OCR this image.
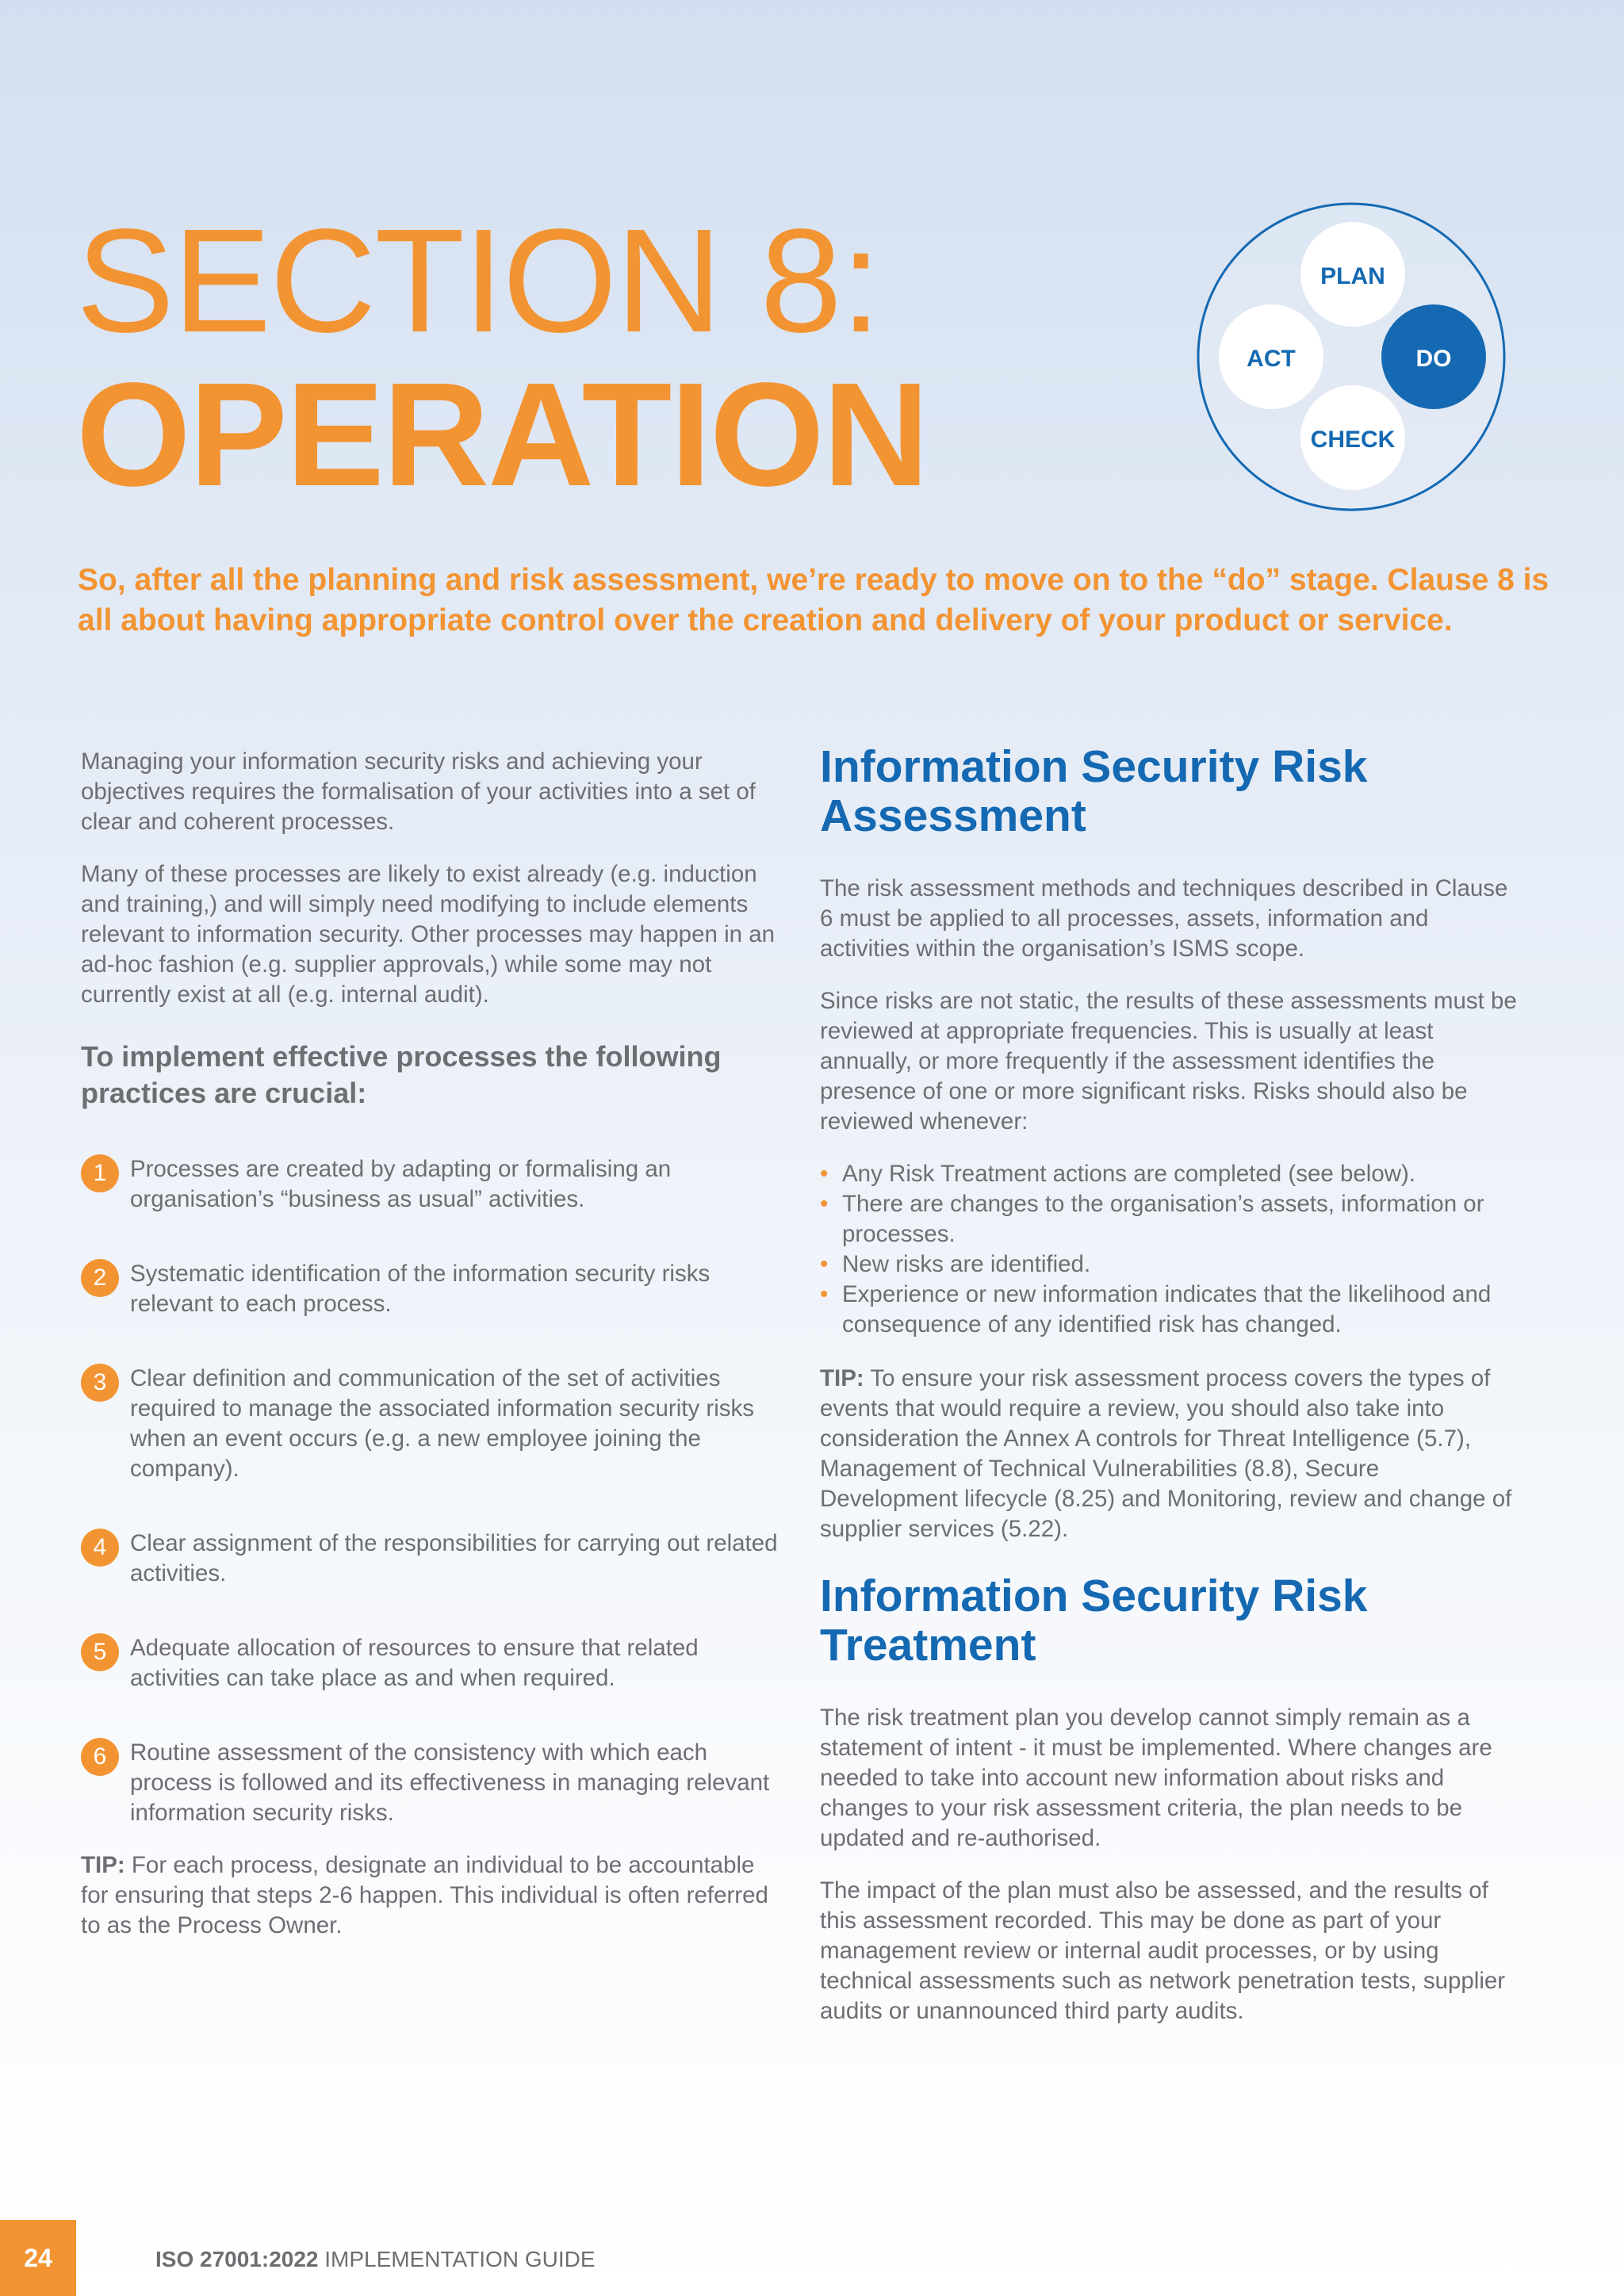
SECTION 8:
OPERATION
PLAN
DO
CHECK
ACT

So, after all the planning and risk assessment, we’re ready to move on to the “do” stage. Clause 8 is all about having appropriate control over the creation and delivery of your product or service.

Managing your information security risks and achieving your objectives requires the formalisation of your activities into a set of clear and coherent processes.

Many of these processes are likely to exist already (e.g. induction and training,) and will simply need modifying to include elements relevant to information security. Other processes may happen in an ad-hoc fashion (e.g. supplier approvals,) while some may not currently exist at all (e.g. internal audit).

To implement effective processes the following practices are crucial:
1	Processes are created by adapting or formalising an organisation’s “business as usual” activities.
2	Systematic identification of the information security risks relevant to each process.
3	Clear definition and communication of the set of activities required to manage the associated information security risks when an event occurs (e.g. a new employee joining the company).
4	Clear assignment of the responsibilities for carrying out related activities.
5	Adequate allocation of resources to ensure that related activities can take place as and when required.
6	Routine assessment of the consistency with which each process is followed and its effectiveness in managing relevant information security risks.

TIP: For each process, designate an individual to be accountable for ensuring that steps 2-6 happen. This individual is often referred to as the Process Owner.

Information Security Risk Assessment

The risk assessment methods and techniques described in Clause 6 must be applied to all processes, assets, information and activities within the organisation’s ISMS scope.

Since risks are not static, the results of these assessments must be reviewed at appropriate frequencies. This is usually at least annually, or more frequently if the assessment identifies the presence of one or more significant risks. Risks should also be reviewed whenever:

• Any Risk Treatment actions are completed (see below).
• There are changes to the organisation’s assets, information or processes.
• New risks are identified.
• Experience or new information indicates that the likelihood and consequence of any identified risk has changed.

TIP: To ensure your risk assessment process covers the types of events that would require a review, you should also take into consideration the Annex A controls for Threat Intelligence (5.7), Management of Technical Vulnerabilities (8.8), Secure Development lifecycle (8.25) and Monitoring, review and change of supplier services (5.22).

Information Security Risk Treatment

The risk treatment plan you develop cannot simply remain as a statement of intent - it must be implemented. Where changes are needed to take into account new information about risks and changes to your risk assessment criteria, the plan needs to be updated and re-authorised.

The impact of the plan must also be assessed, and the results of this assessment recorded. This may be done as part of your management review or internal audit processes, or by using technical assessments such as network penetration tests, supplier audits or unannounced third party audits.

24	ISO 27001:2022 IMPLEMENTATION GUIDE
